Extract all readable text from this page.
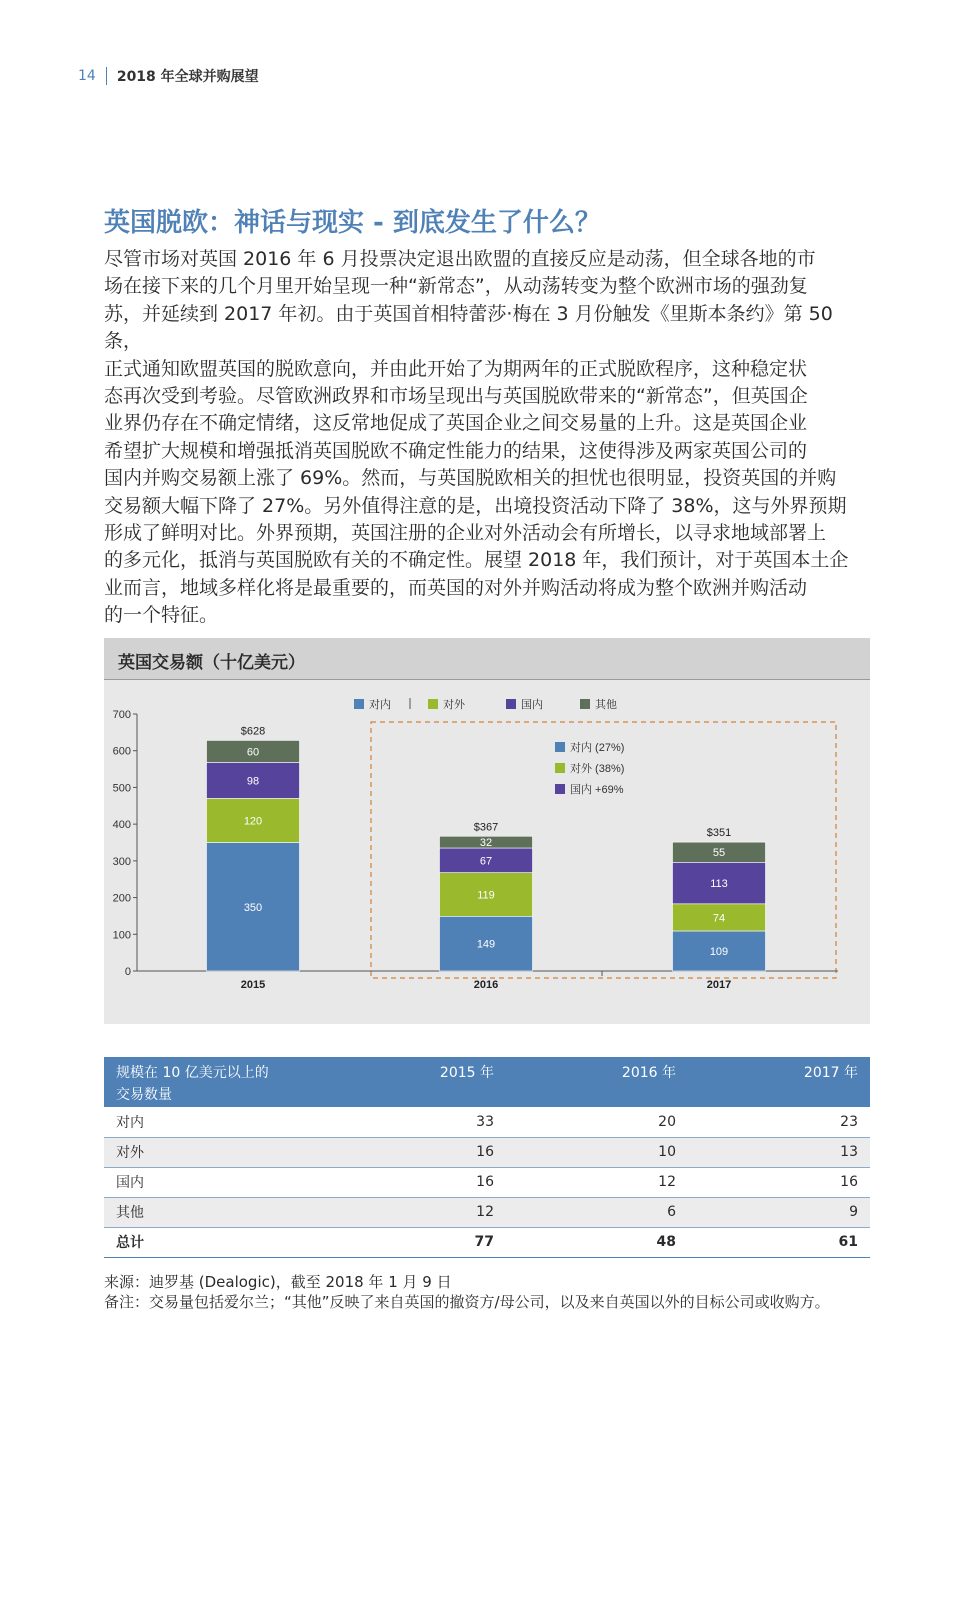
14 2018 年全球并购展望
英国脱欧：神话与现实 - 到底发生了什么？
尽管市场对英国 2016 年 6 月投票决定退出欧盟的直接反应是动荡，但全球各地的市
场在接下来的几个月里开始呈现一种“新常态”，从动荡转变为整个欧洲市场的强劲复
苏，并延续到 2017 年初。由于英国首相特蕾莎·梅在 3 月份触发《里斯本条约》第 50 条，
正式通知欧盟英国的脱欧意向，并由此开始了为期两年的正式脱欧程序，这种稳定状
态再次受到考验。尽管欧洲政界和市场呈现出与英国脱欧带来的“新常态”，但英国企
业界仍存在不确定情绪，这反常地促成了英国企业之间交易量的上升。这是英国企业
希望扩大规模和增强抵消英国脱欧不确定性能力的结果，这使得涉及两家英国公司的
国内并购交易额上涨了 69%。然而，与英国脱欧相关的担忧也很明显，投资英国的并购
交易额大幅下降了 27%。另外值得注意的是，出境投资活动下降了 38%，这与外界预期
形成了鲜明对比。外界预期，英国注册的企业对外活动会有所增长，以寻求地域部署上
的多元化，抵消与英国脱欧有关的不确定性。展望 2018 年，我们预计，对于英国本土企
业而言，地域多样化将是最重要的，而英国的对外并购活动将成为整个欧洲并购活动
的一个特征。
英国交易额（十亿美元）
0
100
200
300
400
500
600
700
对内	对外	国内	其他
350
120
98
60
$628
2015
149
119
67
32
$367
2016
109
74
113
55
$351
2017
对内 (27%)
对外 (38%)
国内 +69%
规模在 10 亿美元以上的
交易数量	2015 年	2016 年	2017 年
对内	33	20	23
对外	16	10	13
国内	16	12	16
其他	12	6	9
总计	77	48	61
来源：迪罗基 (Dealogic)，截至 2018 年 1 月 9 日
备注：交易量包括爱尔兰；“其他”反映了来自英国的撤资方/母公司，以及来自英国以外的目标公司或收购方。
